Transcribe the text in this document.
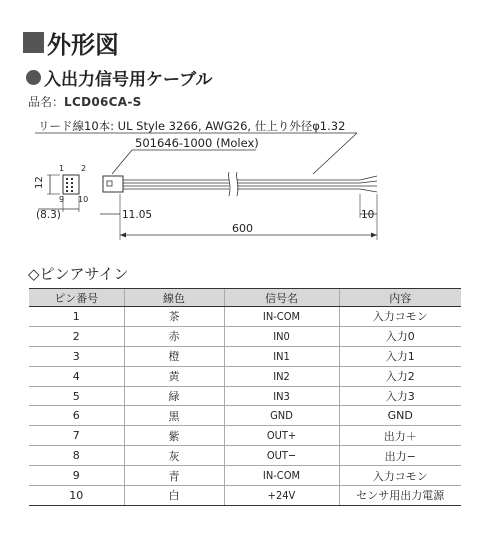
外形図
入出力信号用ケーブル
品名：LCD06CA-S
リード線10本: UL Style 3266, AWG26, 仕上り外径φ1.32
501646-1000 (Molex)
1 2
9 10
12
(8.3)	11.05	10
600
◇ピンアサイン
ピン番号	線色	信号名	内容
1	茶	IN-COM	入力コモン
2	赤	IN0	入力0
3	橙	IN1	入力1
4	黄	IN2	入力2
5	緑	IN3	入力3
6	黒	GND	GND
7	紫	OUT+	出力＋
8	灰	OUT−	出力−
9	青	IN-COM	入力コモン
10	白	+24V	センサ用出力電源
